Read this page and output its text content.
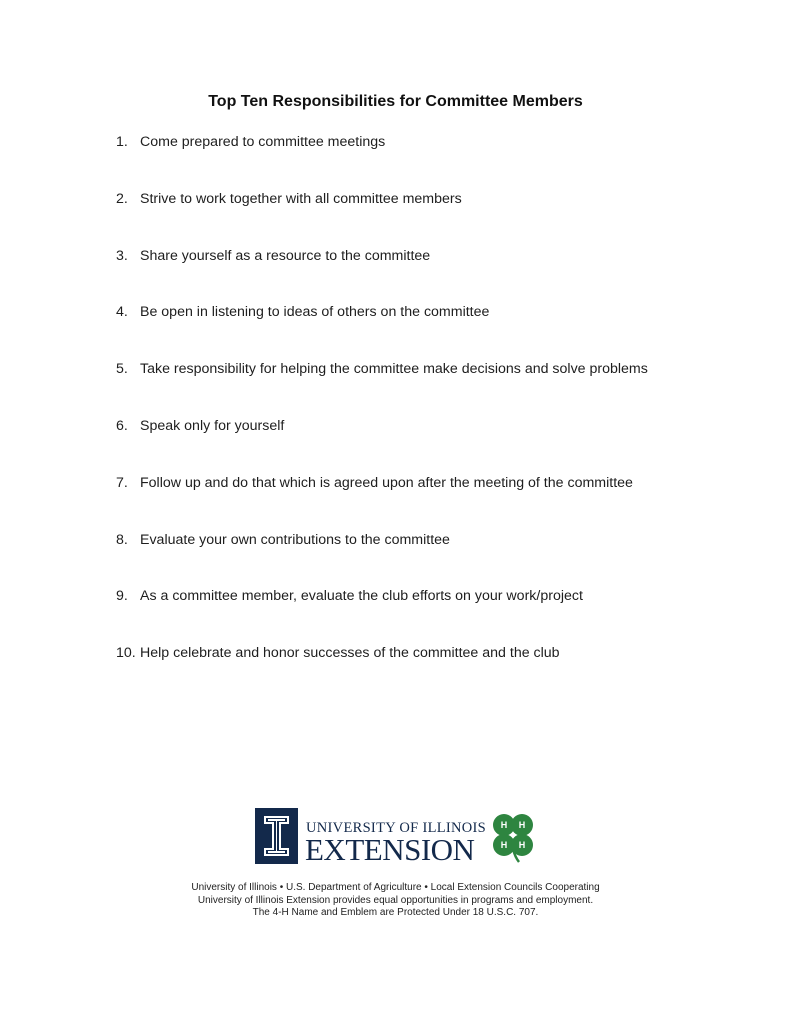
Top Ten Responsibilities for Committee Members
1. Come prepared to committee meetings
2. Strive to work together with all committee members
3. Share yourself as a resource to the committee
4. Be open in listening to ideas of others on the committee
5. Take responsibility for helping the committee make decisions and solve problems
6. Speak only for yourself
7. Follow up and do that which is agreed upon after the meeting of the committee
8. Evaluate your own contributions to the committee
9. As a committee member, evaluate the club efforts on your work/project
10. Help celebrate and honor successes of the committee and the club
UNIVERSITY OF ILLINOIS
EXTENSION
H H
H H
University of Illinois • U.S. Department of Agriculture • Local Extension Councils Cooperating
University of Illinois Extension provides equal opportunities in programs and employment.
The 4-H Name and Emblem are Protected Under 18 U.S.C. 707.
